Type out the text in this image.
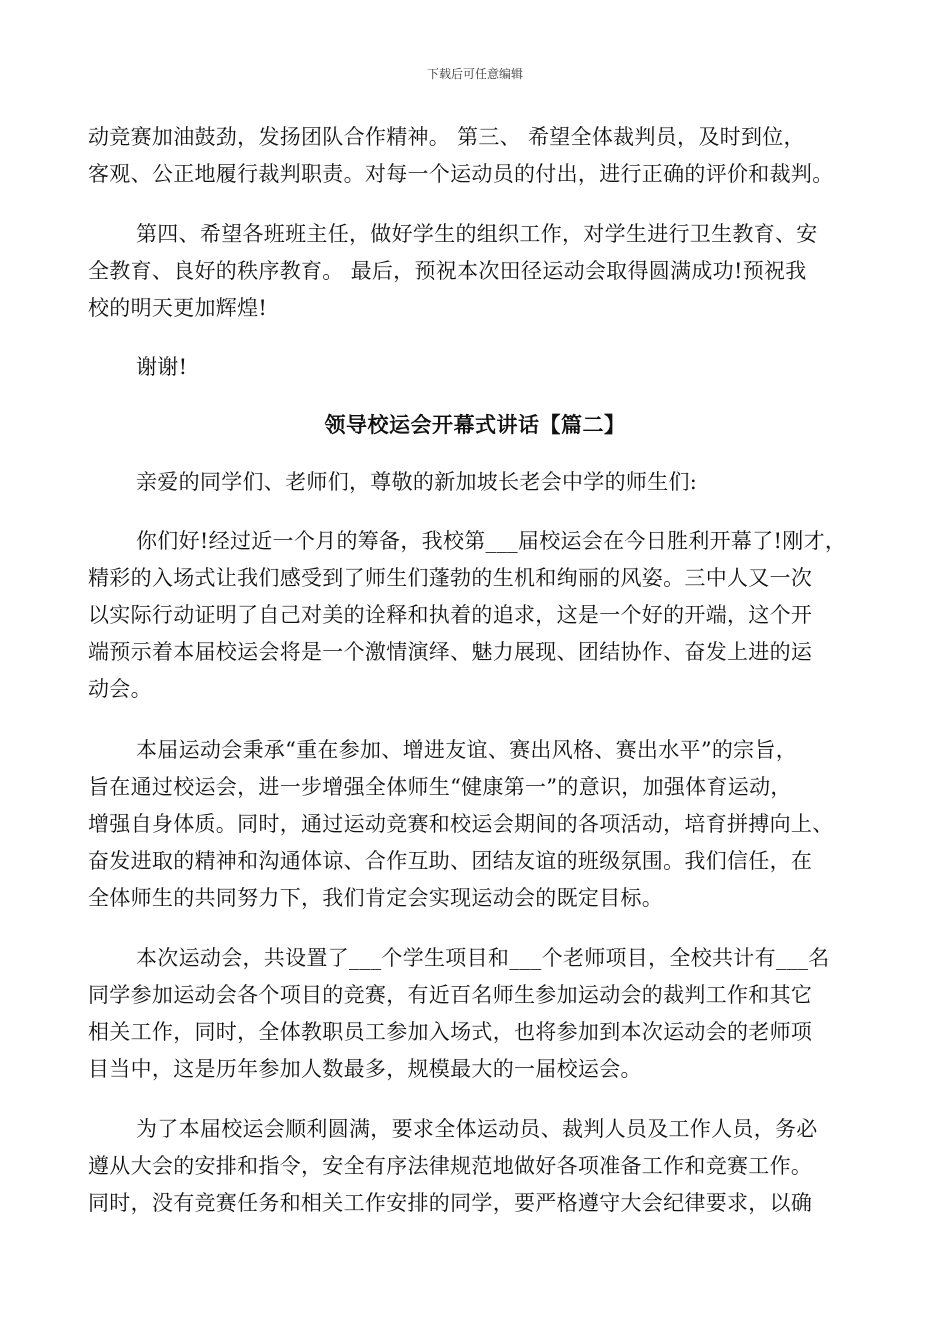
下载后可任意编辑
动竞赛加油鼓劲，发扬团队合作精神。 第三、 希望全体裁判员，及时到位，
客观、公正地履行裁判职责。对每一个运动员的付出，进行正确的评价和裁判。
第四、希望各班班主任，做好学生的组织工作，对学生进行卫生教育、安
全教育、良好的秩序教育。 最后，预祝本次田径运动会取得圆满成功!预祝我
校的明天更加辉煌!
谢谢!
领导校运会开幕式讲话【篇二】
亲爱的同学们、老师们，尊敬的新加坡长老会中学的师生们:
你们好!经过近一个月的筹备，我校第___届校运会在今日胜利开幕了!刚才，
精彩的入场式让我们感受到了师生们蓬勃的生机和绚丽的风姿。三中人又一次
以实际行动证明了自己对美的诠释和执着的追求，这是一个好的开端，这个开
端预示着本届校运会将是一个激情演绎、魅力展现、团结协作、奋发上进的运
动会。
本届运动会秉承“重在参加、增进友谊、赛出风格、赛出水平”的宗旨，
旨在通过校运会，进一步增强全体师生“健康第一”的意识，加强体育运动，
增强自身体质。同时，通过运动竞赛和校运会期间的各项活动，培育拼搏向上、
奋发进取的精神和沟通体谅、合作互助、团结友谊的班级氛围。我们信任，在
全体师生的共同努力下，我们肯定会实现运动会的既定目标。
本次运动会，共设置了___个学生项目和___个老师项目，全校共计有___名
同学参加运动会各个项目的竞赛，有近百名师生参加运动会的裁判工作和其它
相关工作，同时，全体教职员工参加入场式，也将参加到本次运动会的老师项
目当中，这是历年参加人数最多，规模最大的一届校运会。
为了本届校运会顺利圆满，要求全体运动员、裁判人员及工作人员，务必
遵从大会的安排和指令，安全有序法律规范地做好各项准备工作和竞赛工作。
同时，没有竞赛任务和相关工作安排的同学，要严格遵守大会纪律要求，以确
